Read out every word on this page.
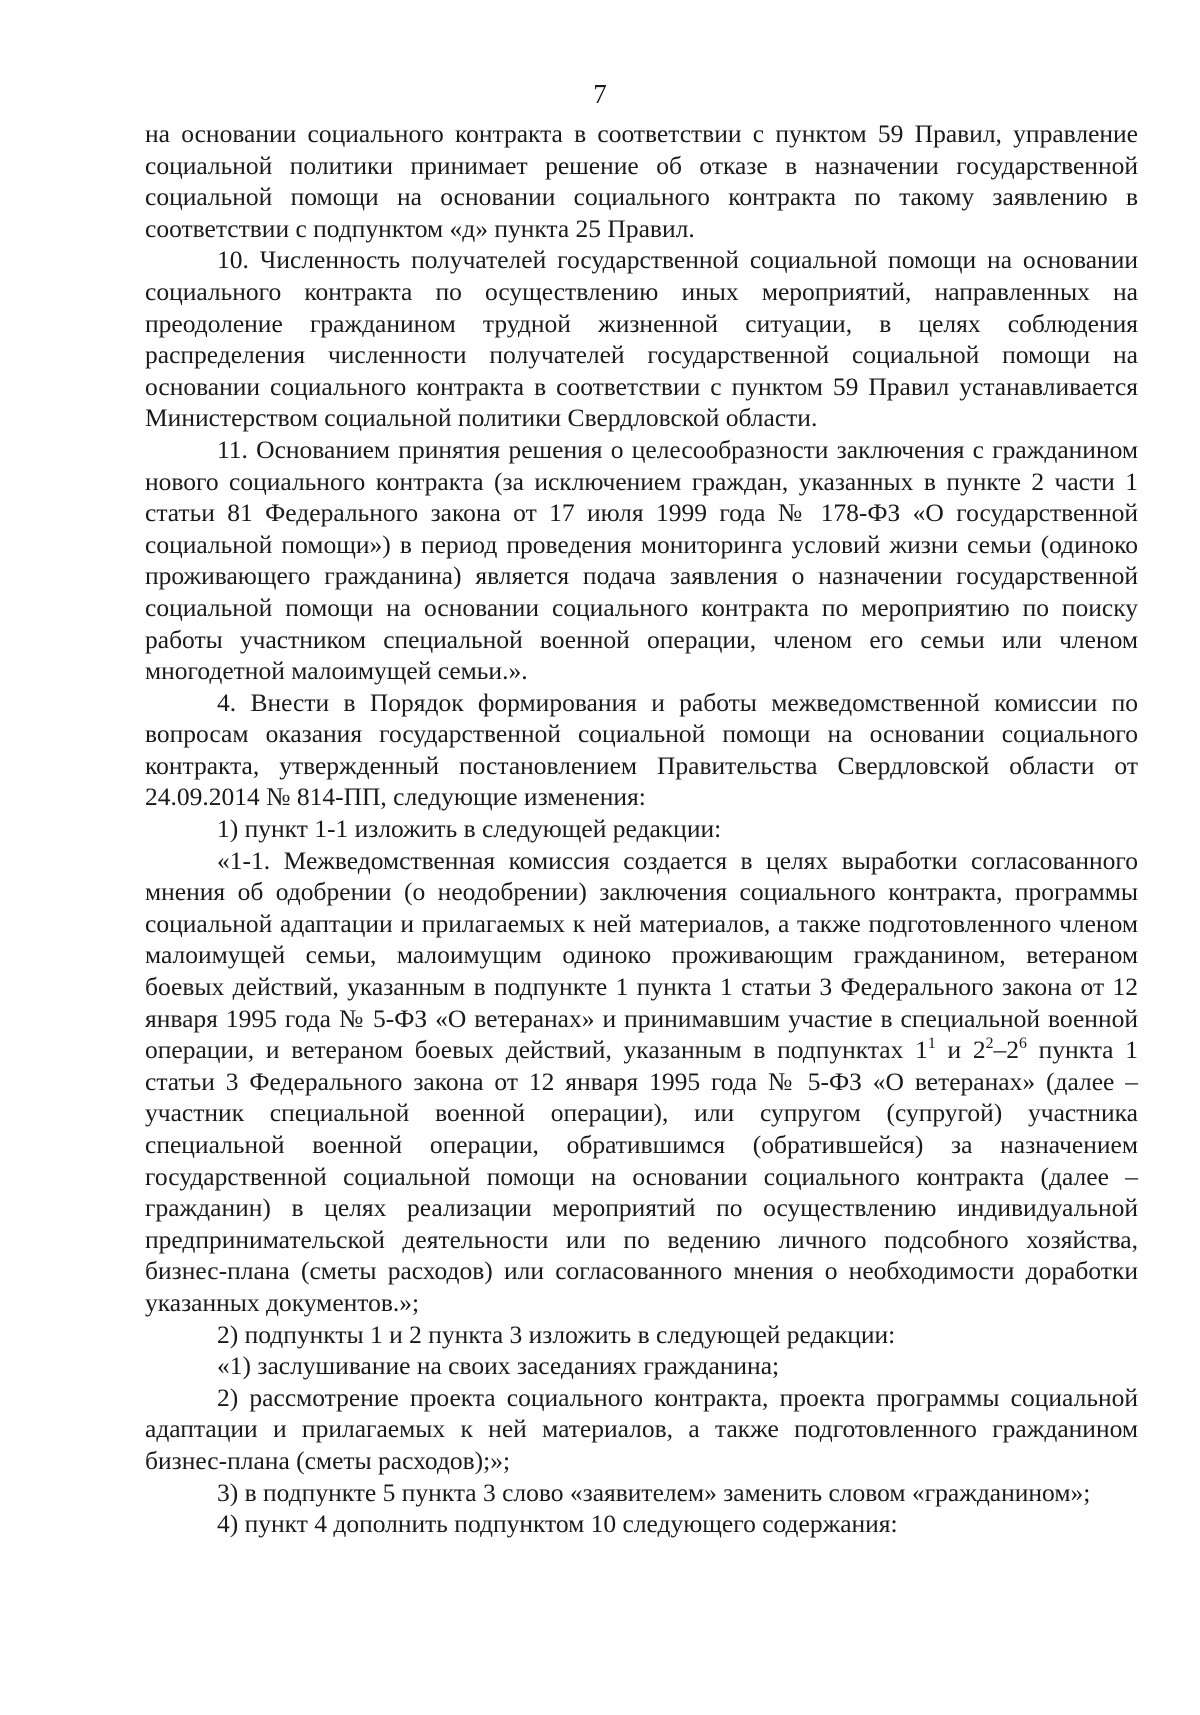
7

на основании социального контракта в соответствии с пунктом 59 Правил, управление социальной политики принимает решение об отказе в назначении государственной социальной помощи на основании социального контракта по такому заявлению в соответствии с подпунктом «д» пункта 25 Правил.

10. Численность получателей государственной социальной помощи на основании социального контракта по осуществлению иных мероприятий, направленных на преодоление гражданином трудной жизненной ситуации, в целях соблюдения распределения численности получателей государственной социальной помощи на основании социального контракта в соответствии с пунктом 59 Правил устанавливается Министерством социальной политики Свердловской области.

11. Основанием принятия решения о целесообразности заключения с гражданином нового социального контракта (за исключением граждан, указанных в пункте 2 части 1 статьи 81 Федерального закона от 17 июля 1999 года № 178-ФЗ «О государственной социальной помощи») в период проведения мониторинга условий жизни семьи (одиноко проживающего гражданина) является подача заявления о назначении государственной социальной помощи на основании социального контракта по мероприятию по поиску работы участником специальной военной операции, членом его семьи или членом многодетной малоимущей семьи.».

4. Внести в Порядок формирования и работы межведомственной комиссии по вопросам оказания государственной социальной помощи на основании социального контракта, утвержденный постановлением Правительства Свердловской области от 24.09.2014 № 814-ПП, следующие изменения:

1) пункт 1-1 изложить в следующей редакции:

«1-1. Межведомственная комиссия создается в целях выработки согласованного мнения об одобрении (о неодобрении) заключения социального контракта, программы социальной адаптации и прилагаемых к ней материалов, а также подготовленного членом малоимущей семьи, малоимущим одиноко проживающим гражданином, ветераном боевых действий, указанным в подпункте 1 пункта 1 статьи 3 Федерального закона от 12 января 1995 года № 5-ФЗ «О ветеранах» и принимавшим участие в специальной военной операции, и ветераном боевых действий, указанным в подпунктах $1^1$ и $2^2-2^6$ пункта 1 статьи 3 Федерального закона от 12 января 1995 года № 5-ФЗ «О ветеранах» (далее – участник специальной военной операции), или супругом (супругой) участника специальной военной операции, обратившимся (обратившейся) за назначением государственной социальной помощи на основании социального контракта (далее – гражданин) в целях реализации мероприятий по осуществлению индивидуальной предпринимательской деятельности или по ведению личного подсобного хозяйства, бизнес-плана (сметы расходов) или согласованного мнения о необходимости доработки указанных документов.»;

2) подпункты 1 и 2 пункта 3 изложить в следующей редакции:

«1) заслушивание на своих заседаниях гражданина;

2) рассмотрение проекта социального контракта, проекта программы социальной адаптации и прилагаемых к ней материалов, а также подготовленного гражданином бизнес-плана (сметы расходов);»;

3) в подпункте 5 пункта 3 слово «заявителем» заменить словом «гражданином»;

4) пункт 4 дополнить подпунктом 10 следующего содержания:
